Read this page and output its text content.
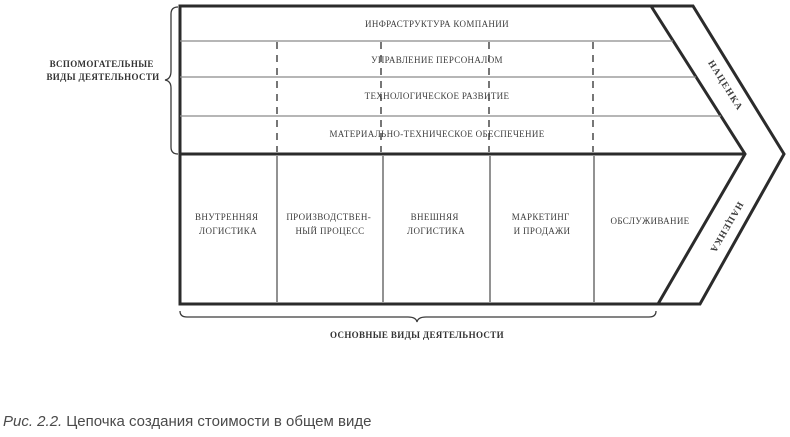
ИНФРАСТРУКТУРА КОМПАНИИ
УПРАВЛЕНИЕ ПЕРСОНАЛОМ
ТЕХНОЛОГИЧЕСКОЕ РАЗВИТИЕ
МАТЕРИАЛЬНО-ТЕХНИЧЕСКОЕ ОБЕСПЕЧЕНИЕ
ВНУТРЕННЯЯ ЛОГИСТИКА
ПРОИЗВОДСТВЕН- НЫЙ ПРОЦЕСС
ВНЕШНЯЯ ЛОГИСТИКА
МАРКЕТИНГ И ПРОДАЖИ
ОБСЛУЖИВАНИЕ
НАЦЕНКА
НАЦЕНКА
ВСПОМОГАТЕЛЬНЫЕ ВИДЫ ДЕЯТЕЛЬНОСТИ
ОСНОВНЫЕ ВИДЫ ДЕЯТЕЛЬНОСТИ
Рис. 2.2. Цепочка создания стоимости в общем виде
